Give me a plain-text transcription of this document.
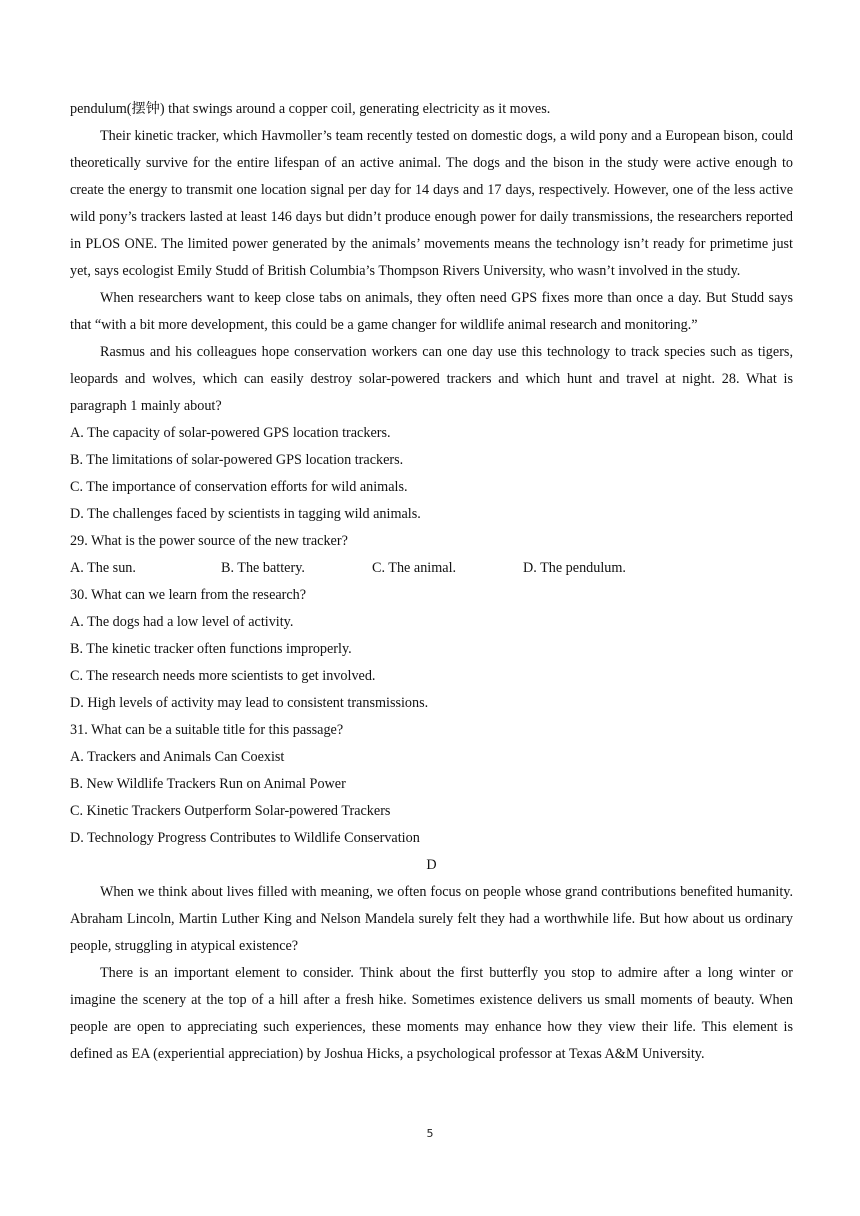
pendulum(摆钟) that swings around a copper coil, generating electricity as it moves.

Their kinetic tracker, which Havmoller’s team recently tested on domestic dogs, a wild pony and a European bison, could theoretically survive for the entire lifespan of an active animal. The dogs and the bison in the study were active enough to create the energy to transmit one location signal per day for 14 days and 17 days, respectively. However, one of the less active wild pony’s trackers lasted at least 146 days but didn’t produce enough power for daily transmissions, the researchers reported in PLOS ONE. The limited power generated by the animals’ movements means the technology isn’t ready for primetime just yet, says ecologist Emily Studd of British Columbia’s Thompson Rivers University, who wasn’t involved in the study.

When researchers want to keep close tabs on animals, they often need GPS fixes more than once a day. But Studd says that “with a bit more development, this could be a game changer for wildlife animal research and monitoring.”

Rasmus and his colleagues hope conservation workers can one day use this technology to track species such as tigers, leopards and wolves, which can easily destroy solar-powered trackers and which hunt and travel at night. 28. What is paragraph 1 mainly about?

A. The capacity of solar-powered GPS location trackers.

B. The limitations of solar-powered GPS location trackers.

C. The importance of conservation efforts for wild animals.

D. The challenges faced by scientists in tagging wild animals.

29. What is the power source of the new tracker?

A. The sun.	B. The battery.	C. The animal.	D. The pendulum.

30. What can we learn from the research?

A. The dogs had a low level of activity.

B. The kinetic tracker often functions improperly.

C. The research needs more scientists to get involved.

D. High levels of activity may lead to consistent transmissions.

31. What can be a suitable title for this passage?

A. Trackers and Animals Can Coexist

B. New Wildlife Trackers Run on Animal Power

C. Kinetic Trackers Outperform Solar-powered Trackers

D. Technology Progress Contributes to Wildlife Conservation

D

When we think about lives filled with meaning, we often focus on people whose grand contributions benefited humanity. Abraham Lincoln, Martin Luther King and Nelson Mandela surely felt they had a worthwhile life. But how about us ordinary people, struggling in atypical existence?

There is an important element to consider. Think about the first butterfly you stop to admire after a long winter or imagine the scenery at the top of a hill after a fresh hike. Sometimes existence delivers us small moments of beauty. When people are open to appreciating such experiences, these moments may enhance how they view their life. This element is defined as EA (experiential appreciation) by Joshua Hicks, a psychological professor at Texas A&M University.

5
